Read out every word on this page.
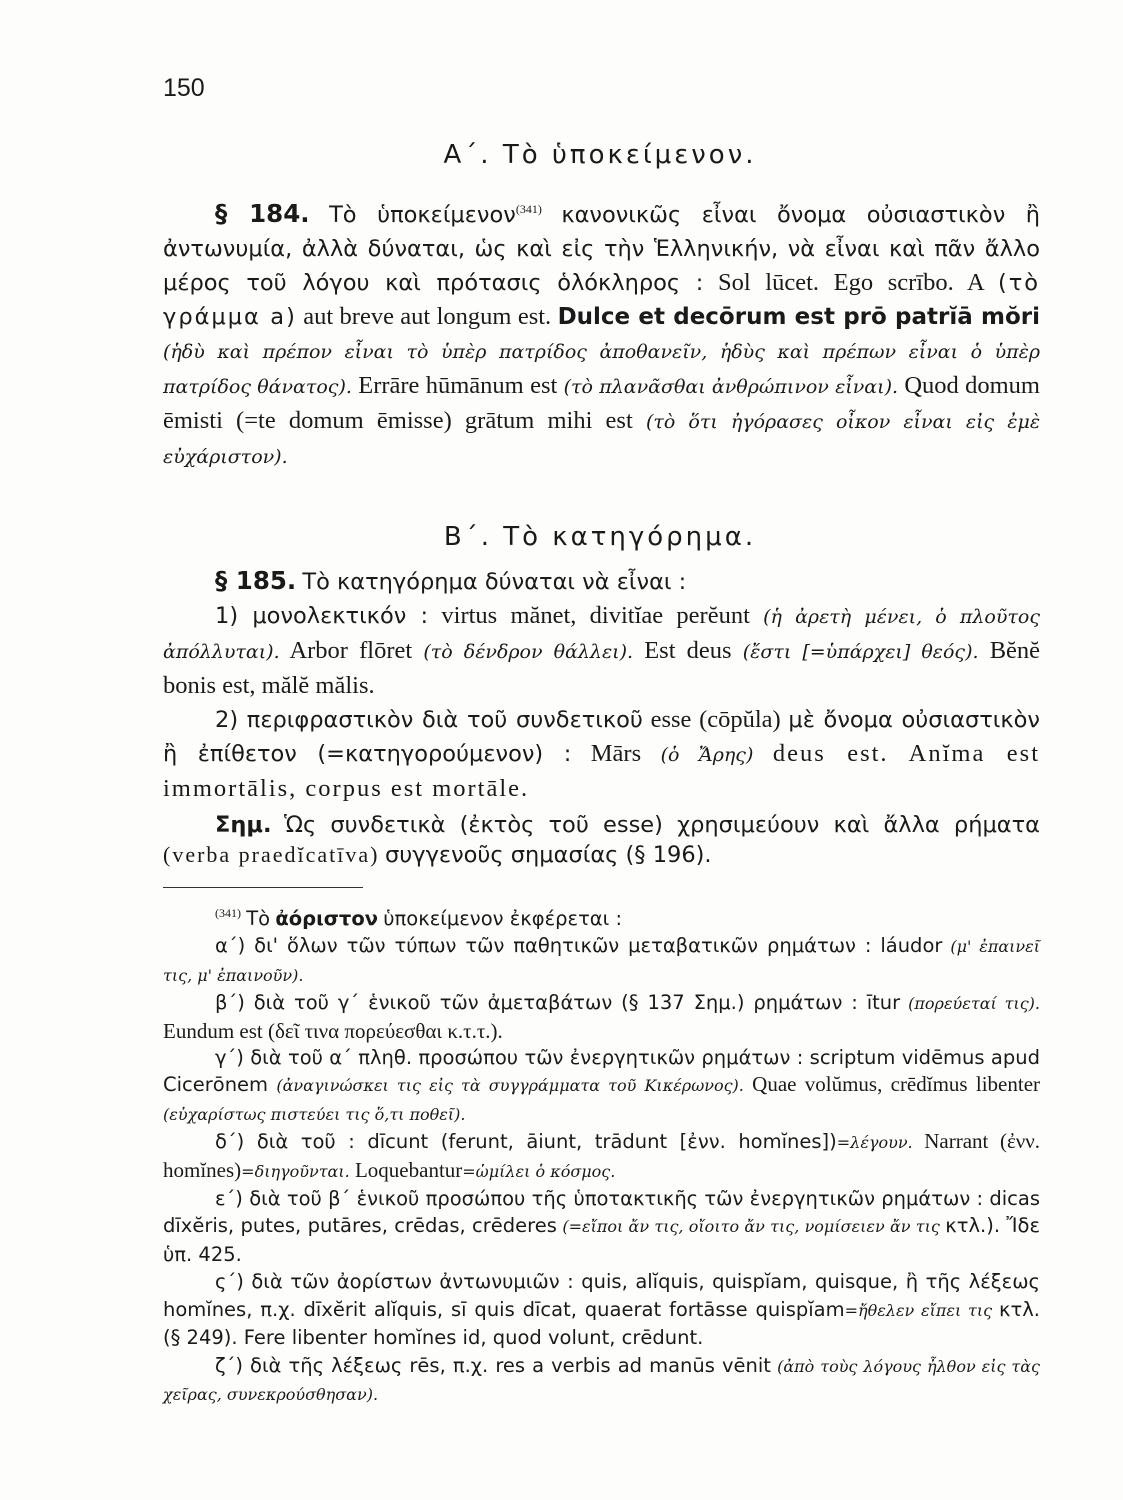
150
Α΄. Τὸ ὑποκείμενον.

§ 184. Τὸ ὑποκείμενον$^{(341)}$ κανονικῶς εἶναι ὄνομα οὐσιαστικὸν ἢ ἀντωνυμία, ἀλλὰ δύναται, ὡς καὶ εἰς τὴν Ἑλληνικήν, νὰ εἶναι καὶ πᾶν ἄλλο μέρος τοῦ λόγου καὶ πρότασις ὁλόκληρος : Sol lūcet. Ego scrībo. A (τὸ γράμμα a) aut breve aut longum est. Dulce et decōrum est prō patrĭā mŏri (ἡδὺ καὶ πρέπον εἶναι τὸ ὑπὲρ πατρίδος ἀποθανεῖν, ἡδὺς καὶ πρέπων εἶναι ὁ ὑπὲρ πατρίδος θάνατος). Errāre hūmānum est (τὸ πλανᾶσθαι ἀνθρώπινον εἶναι). Quod domum ēmisti (=te domum ēmisse) grātum mihi est (τὸ ὅτι ἠγόρασες οἶκον εἶναι εἰς ἐμὲ εὐχάριστον).

Β΄. Τὸ κατηγόρημα.

§ 185. Τὸ κατηγόρημα δύναται νὰ εἶναι :

1) μονολεκτικόν : virtus mănet, divitĭae perĕunt (ἡ ἀρετὴ μένει, ὁ πλοῦτος ἀπόλλυται). Arbor flōret (τὸ δένδρον θάλλει). Est deus (ἔστι [=ὑπάρχει] θεός). Bĕnĕ bonis est, mălĕ mălis.

2) περιφραστικὸν διὰ τοῦ συνδετικοῦ esse (cōpŭla) μὲ ὄνομα οὐσιαστικὸν ἢ ἐπίθετον (=κατηγορούμενον) : Mārs (ὁ Ἄρης) deus est. Anĭma est immortālis, corpus est mortāle.

Σημ. Ὡς συνδετικὰ (ἐκτὸς τοῦ esse) χρησιμεύουν καὶ ἄλλα ρήματα (verba praedĭcatīva) συγγενοῦς σημασίας (§ 196).

$^{(341)}$ Τὸ ἀόριστον ὑποκείμενον ἐκφέρεται :

α΄) δι' ὅλων τῶν τύπων τῶν παθητικῶν μεταβατικῶν ρημάτων : láudor (μ' ἐπαινεῖ τις, μ' ἐπαινοῦν).

β΄) διὰ τοῦ γ΄ ἑνικοῦ τῶν ἀμεταβάτων (§ 137 Σημ.) ρημάτων : ītur (πορεύεταί τις). Eundum est (δεῖ τινα πορεύεσθαι κ.τ.τ.).

γ΄) διὰ τοῦ α΄ πληθ. προσώπου τῶν ἐνεργητικῶν ρημάτων : scriptum vidēmus apud Cicerōnem (ἀναγινώσκει τις εἰς τὰ συγγράμματα τοῦ Κικέρωνος). Quae volŭmus, crēdĭmus libenter (εὐχαρίστως πιστεύει τις ὅ,τι ποθεῖ).

δ΄) διὰ τοῦ : dīcunt (ferunt, āiunt, trādunt [ἐνν. homĭnes])=λέγουν. Narrant (ἐνν. homĭnes)=διηγοῦνται. Loquebantur=ὡμίλει ὁ κόσμος.

ε΄) διὰ τοῦ β΄ ἑνικοῦ προσώπου τῆς ὑποτακτικῆς τῶν ἐνεργητικῶν ρημάτων : dicas dīxĕris, putes, putāres, crēdas, crēderes (=εἴποι ἄν τις, οἴοιτο ἄν τις, νομίσειεν ἄν τις κτλ.). Ἴδε ὑπ. 425.

ς΄) διὰ τῶν ἀορίστων ἀντωνυμιῶν : quis, alĭquis, quispĭam, quisque, ἢ τῆς λέξεως homĭnes, π.χ. dīxĕrit alĭquis, sī quis dīcat, quaerat fortāsse quispĭam=ἤθελεν εἴπει τις κτλ. (§ 249). Fere libenter homĭnes id, quod volunt, crēdunt.

ζ΄) διὰ τῆς λέξεως rēs, π.χ. res a verbis ad manūs vēnit (ἀπὸ τοὺς λόγους ἦλθον εἰς τὰς χεῖρας, συνεκρούσθησαν).
